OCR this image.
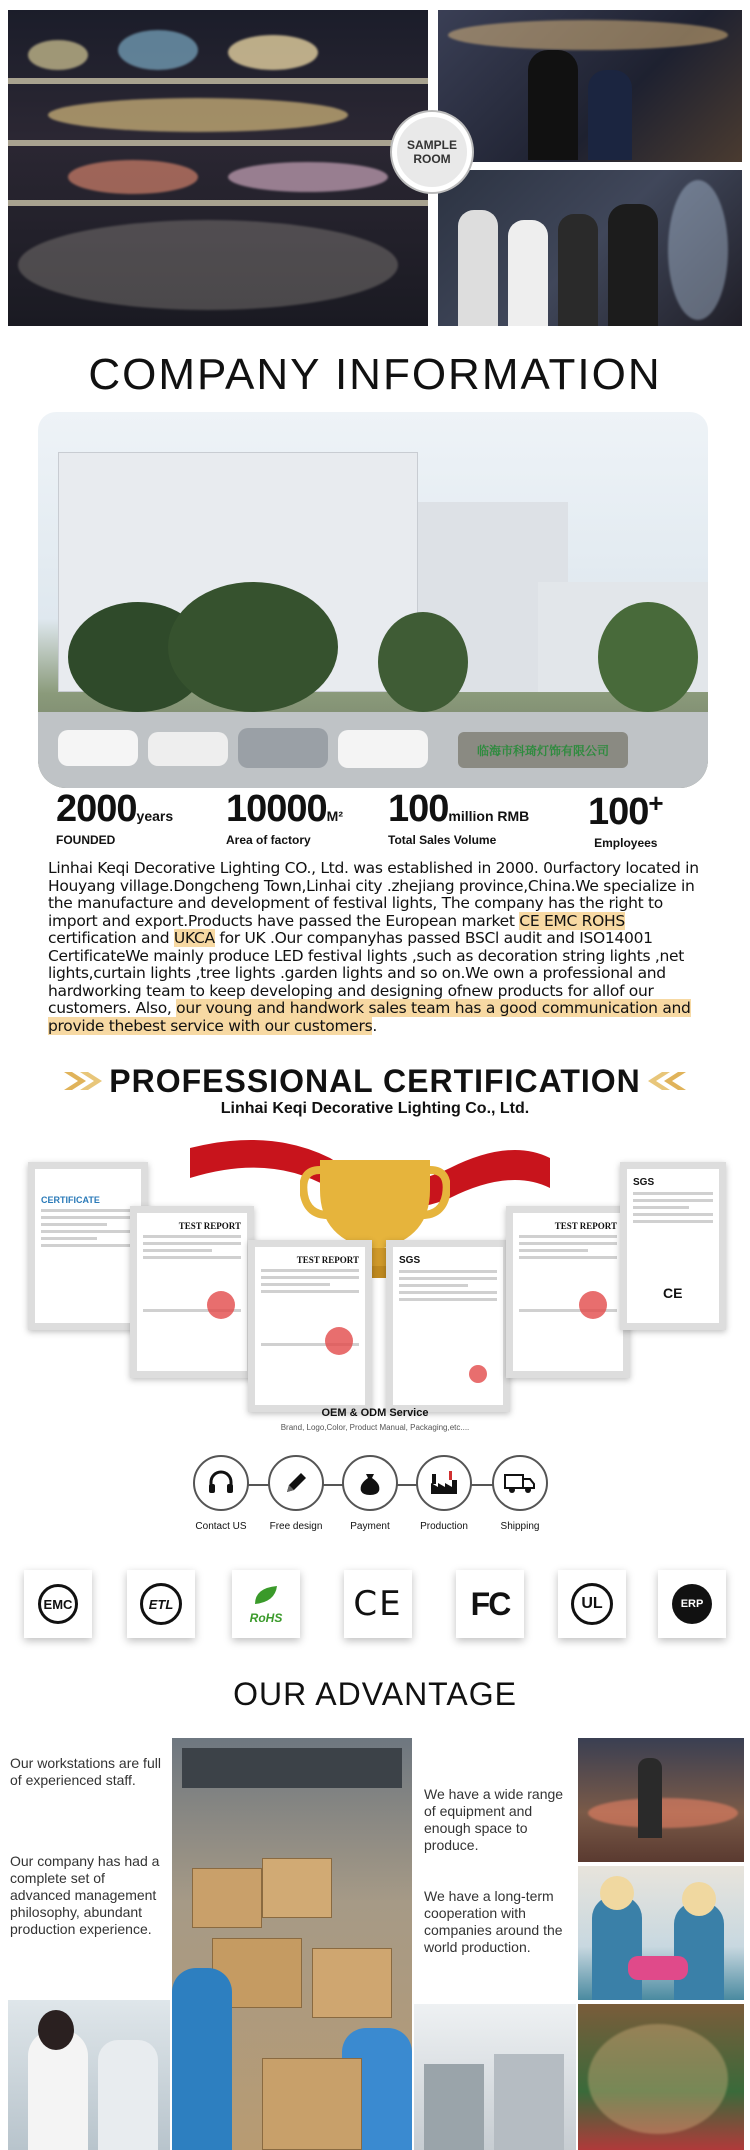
SAMPLE
ROOM
COMPANY INFORMATION
临海市科琦灯饰有限公司
2000years
FOUNDED
10000M²
Area of factory
100million RMB
Total Sales Volume
100+
Employees
Linhai Keqi Decorative Lighting CO., Ltd. was established in 2000. 0urfactory located in Houyang village.Dongcheng Town,Linhai city .zhejiang province,China.We specialize in the manufacture and development of festival lights, The company has the right to import and export.Products have passed the European market CE EMC ROHS certification and UKCA for UK .Our companyhas passed BSCl audit and ISO14001 CertificateWe mainly produce LED festival lights ,such as decoration string lights ,net lights,curtain lights ,tree lights .garden lights and so on.We own a professional and hardworking team to keep developing and designing ofnew products for allof our customers. Also, our voung and handwork sales team has a good communication and provide thebest service with our customers.
PROFESSIONAL CERTIFICATION
Linhai Keqi Decorative Lighting Co., Ltd.
CERTIFICATE
TEST REPORT
TEST REPORT	SGS
TEST REPORT
SGS
CE
OEM & ODM Service
Brand, Logo,Color, Product Manual, Packaging,etc....
Contact US	Free design	Payment	Production	Shipping
EMC	ETL
RoHS CE FC	UL	ERP
OUR ADVANTAGE
Our workstations are full of experienced staff.
Our company has had a complete set of advanced management philosophy, abundant production experience.
We have a wide range of equipment and enough space to produce.
We have a long-term cooperation with companies around the world production.
